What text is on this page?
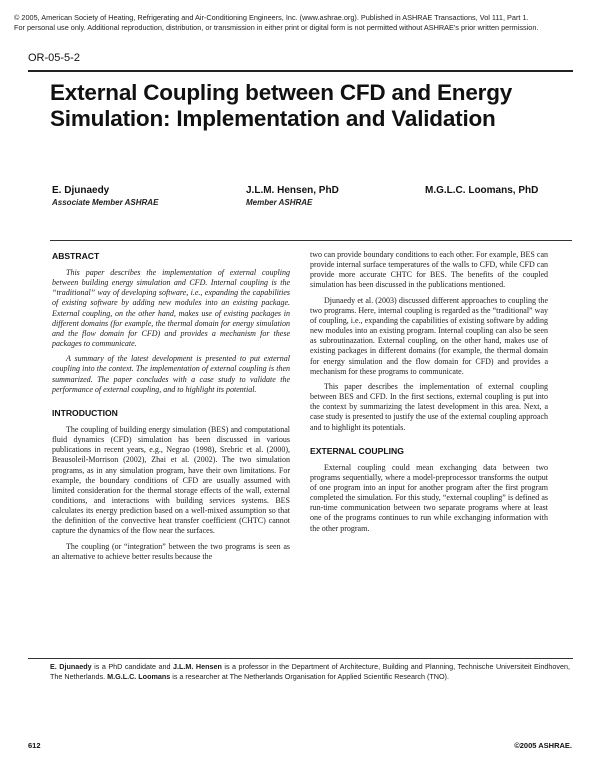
© 2005, American Society of Heating, Refrigerating and Air-Conditioning Engineers, Inc. (www.ashrae.org). Published in ASHRAE Transactions, Vol 111, Part 1.
For personal use only. Additional reproduction, distribution, or transmission in either print or digital form is not permitted without ASHRAE's prior written permission.
OR-05-5-2
External Coupling between CFD and Energy
Simulation: Implementation and Validation
E. Djunaedy
Associate Member ASHRAE
J.L.M. Hensen, PhD
Member ASHRAE
M.G.L.C. Loomans, PhD
ABSTRACT

This paper describes the implementation of external coupling between building energy simulation and CFD. Internal coupling is the “traditional” way of developing software, i.e., expanding the capabilities of existing software by adding new modules into an existing package. External coupling, on the other hand, makes use of existing packages in different domains (for example, the thermal domain for energy simulation and the flow domain for CFD) and provides a mechanism for these packages to communicate.

A summary of the latest development is presented to put external coupling into the context. The implementation of external coupling is then summarized. The paper concludes with a case study to validate the performance of external coupling, and to highlight its potential.

INTRODUCTION

The coupling of building energy simulation (BES) and computational fluid dynamics (CFD) simulation has been discussed in various publications in recent years, e.g., Negrao (1998), Srebric et al. (2000), Beausoleil-Morrison (2002), Zhai et al. (2002). The two simulation programs, as in any simulation program, have their own limitations. For example, the boundary conditions of CFD are usually assumed with limited consideration for the thermal storage effects of the wall, external conditions, and interactions with building services systems. BES calculates its energy prediction based on a well-mixed assumption so that the definition of the convective heat transfer coefficient (CHTC) cannot capture the dynamics of the flow near the surfaces.

The coupling (or “integration” between the two programs is seen as an alternative to achieve better results because the

two can provide boundary conditions to each other. For example, BES can provide internal surface temperatures of the walls to CFD, while CFD can provide more accurate CHTC for BES. The benefits of the coupled simulation has been discussed in the publications mentioned.

Djunaedy et al. (2003) discussed different approaches to coupling the two programs. Here, internal coupling is regarded as the “traditional” way of coupling, i.e., expanding the capabilities of existing software by adding new modules into an existing program. Internal coupling can also be seen as subroutinazation. External coupling, on the other hand, makes use of existing packages in different domains (for example, the thermal domain for energy simulation and the flow domain for CFD) and provides a mechanism for these programs to communicate.

This paper describes the implementation of external coupling between BES and CFD. In the first sections, external coupling is put into the context by summarizing the latest development in this area. Next, a case study is presented to justify the use of the external coupling approach and to highlight its potentials.

EXTERNAL COUPLING

External coupling could mean exchanging data between two programs sequentially, where a model-preprocessor transforms the output of one program into an input for another program after the first program completed the simulation. For this study, “external coupling” is defined as run-time communication between two separate programs where at least one of the programs continues to run while exchanging information with the other program.

E. Djunaedy is a PhD candidate and J.L.M. Hensen is a professor in the Department of Architecture, Building and Planning, Technische Universiteit Eindhoven, The Netherlands. M.G.L.C. Loomans is a researcher at The Netherlands Organisation for Applied Scientific Research (TNO).
612	©2005 ASHRAE.
